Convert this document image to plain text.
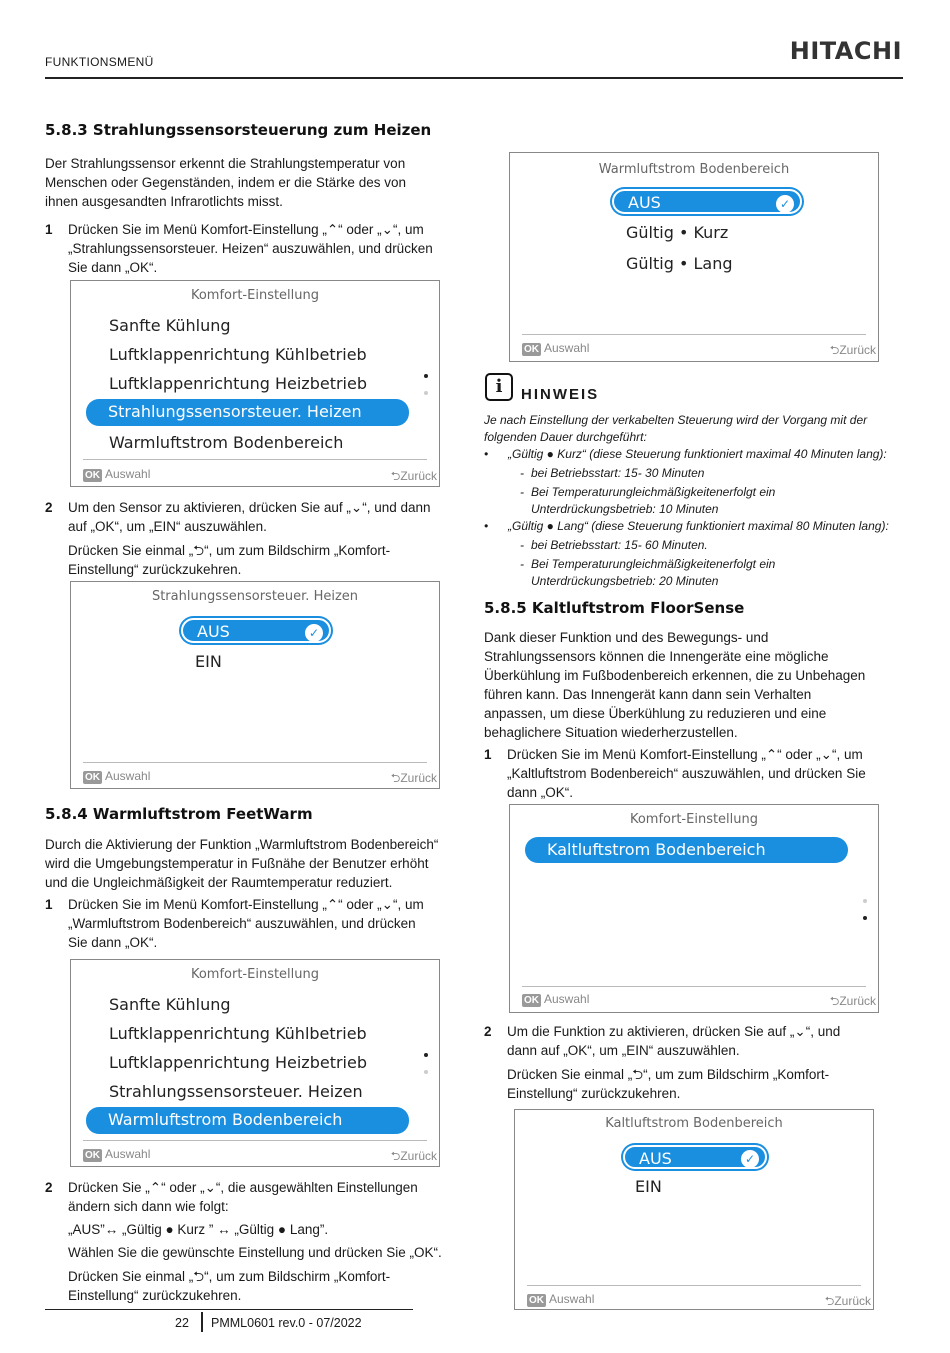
FUNKTIONSMENÜ	HITACHI
5.8.3 Strahlungssensorsteuerung zum Heizen
Der Strahlungssensor erkennt die Strahlungstemperatur von
Menschen oder Gegenständen, indem er die Stärke des von
ihnen ausgesandten Infrarotlichts misst.
1 Drücken Sie im Menü Komfort-Einstellung „⌃“ oder „⌄“, um
„Strahlungssensorsteuer. Heizen“ auszuwählen, und drücken
Sie dann „OK“.
Komfort-Einstellung
Sanfte Kühlung
Luftklappenrichtung Kühlbetrieb
Luftklappenrichtung Heizbetrieb
Strahlungssensorsteuer. Heizen
Warmluftstrom Bodenbereich
OK Auswahl	⮌Zurück
2 Um den Sensor zu aktivieren, drücken Sie auf „⌄“, und dann
auf „OK“, um „EIN“ auszuwählen.
Drücken Sie einmal „⮌“, um zum Bildschirm „Komfort-
Einstellung“ zurückzukehren.
Strahlungssensorsteuer. Heizen
AUS	✓
EIN
OK Auswahl	⮌Zurück
5.8.4 Warmluftstrom FeetWarm
Durch die Aktivierung der Funktion „Warmluftstrom Bodenbereich“
wird die Umgebungstemperatur in Fußnähe der Benutzer erhöht
und die Ungleichmäßigkeit der Raumtemperatur reduziert.
1 Drücken Sie im Menü Komfort-Einstellung „⌃“ oder „⌄“, um
„Warmluftstrom Bodenbereich“ auszuwählen, und drücken
Sie dann „OK“.
Komfort-Einstellung
Sanfte Kühlung
Luftklappenrichtung Kühlbetrieb
Luftklappenrichtung Heizbetrieb
Strahlungssensorsteuer. Heizen
Warmluftstrom Bodenbereich
OK Auswahl	⮌Zurück
2 Drücken Sie „⌃“ oder „⌄“, die ausgewählten Einstellungen
ändern sich dann wie folgt:
„AUS”↔ „Gültig ● Kurz ” ↔ „Gültig ● Lang”.
Wählen Sie die gewünschte Einstellung und drücken Sie „OK“.
Drücken Sie einmal „⮌“, um zum Bildschirm „Komfort-
Einstellung“ zurückzukehren.
Warmluftstrom Bodenbereich
AUS	✓
Gültig • Kurz
Gültig • Lang
OK Auswahl	⮌Zurück
i	HINWEIS
Je nach Einstellung der verkabelten Steuerung wird der Vorgang mit der
folgenden Dauer durchgeführt:
• „Gültig ● Kurz“ (diese Steuerung funktioniert maximal 40 Minuten lang):
- bei Betriebsstart: 15- 30 Minuten
- Bei Temperaturungleichmäßigkeitenerfolgt ein
Unterdrückungsbetrieb: 10 Minuten
• „Gültig ● Lang“ (diese Steuerung funktioniert maximal 80 Minuten lang):
- bei Betriebsstart: 15- 60 Minuten.
- Bei Temperaturungleichmäßigkeitenerfolgt ein
Unterdrückungsbetrieb: 20 Minuten
5.8.5 Kaltluftstrom FloorSense
Dank dieser Funktion und des Bewegungs- und
Strahlungssensors können die Innengeräte eine mögliche
Überkühlung im Fußbodenbereich erkennen, die zu Unbehagen
führen kann. Das Innengerät kann dann sein Verhalten
anpassen, um diese Überkühlung zu reduzieren und eine
behaglichere Situation wiederherzustellen.
1 Drücken Sie im Menü Komfort-Einstellung „⌃“ oder „⌄“, um
„Kaltluftstrom Bodenbereich“ auszuwählen, und drücken Sie
dann „OK“.
Komfort-Einstellung
Kaltluftstrom Bodenbereich
OK Auswahl	⮌Zurück
2 Um die Funktion zu aktivieren, drücken Sie auf „⌄“, und
dann auf „OK“, um „EIN“ auszuwählen.
Drücken Sie einmal „⮌“, um zum Bildschirm „Komfort-
Einstellung“ zurückzukehren.
Kaltluftstrom Bodenbereich
AUS	✓
EIN
OK Auswahl	⮌Zurück
22 PMML0601 rev.0 - 07/2022
